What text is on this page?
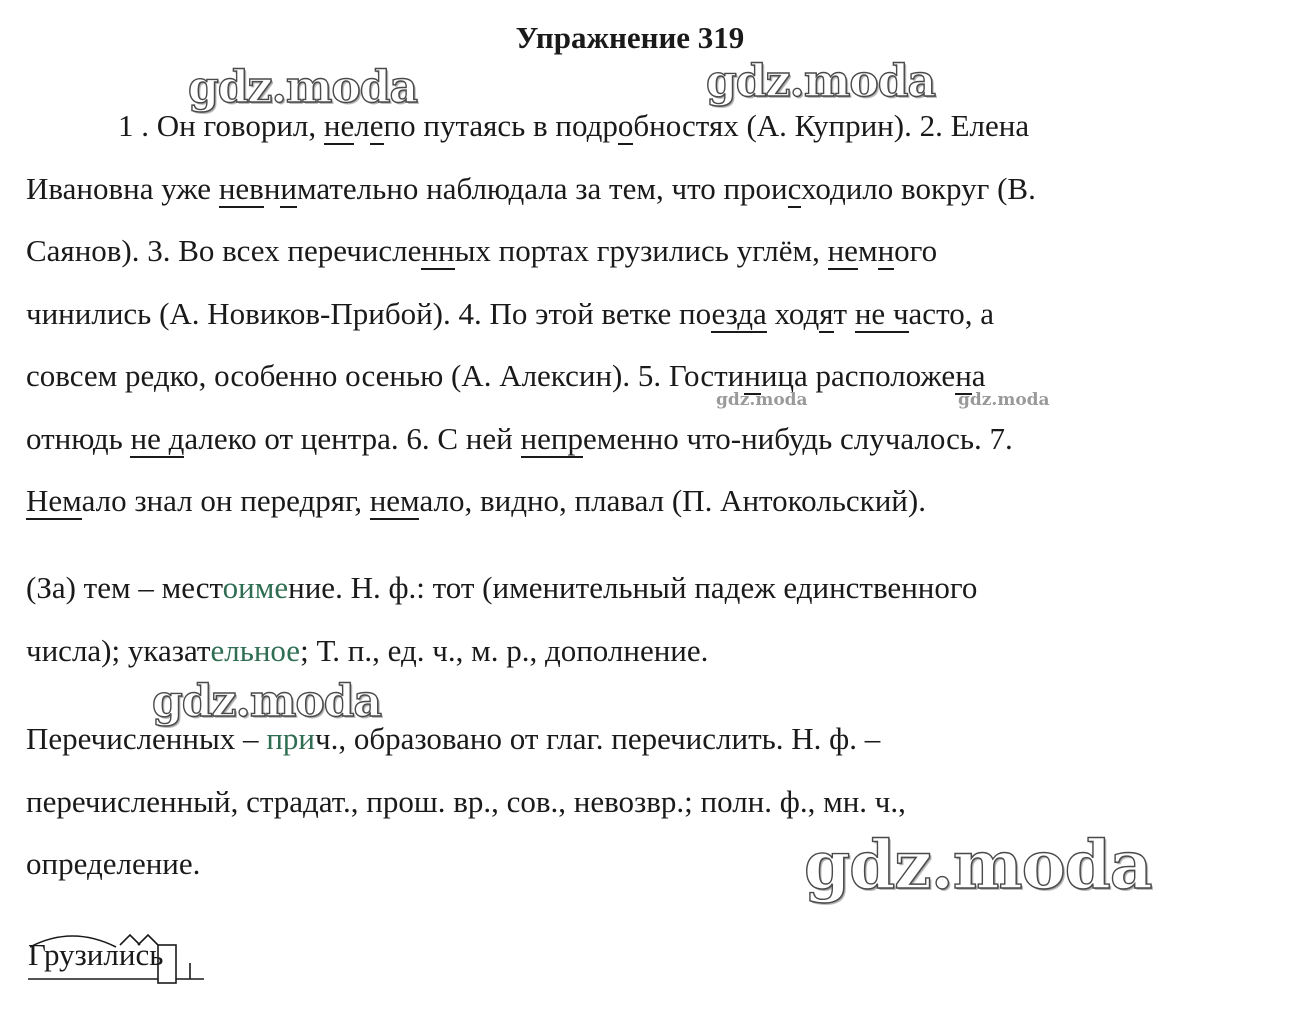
Упражнение 319
1 . Он говорил, нелепо путаясь в подробностях (А. Куприн). 2. Елена
Ивановна уже невнимательно наблюдала за тем, что происходило вокруг (В.
Саянов). 3. Во всех перечисленных портах грузились углём, немного
чинились (А. Новиков-Прибой). 4. По этой ветке поезда ходят не часто, а
совсем редко, особенно осенью (А. Алексин). 5. Гостиница расположена
отнюдь не далеко от центра. 6. С ней непременно что-нибудь случалось. 7.
Немало знал он передряг, немало, видно, плавал (П. Антокольский).
(За) тем – местоимение. Н. ф.: тот (именительный падеж единственного
числа); указательное; Т. п., ед. ч., м. р., дополнение.
Перечисленных – прич., образовано от глаг. перечислить. Н. ф. –
перечисленный, страдат., прош. вр., сов., невозвр.; полн. ф., мн. ч.,
определение.
Грузились
gdz.moda	gdz.moda
gdz.moda	gdz.moda
gdz.moda
gdz.moda
